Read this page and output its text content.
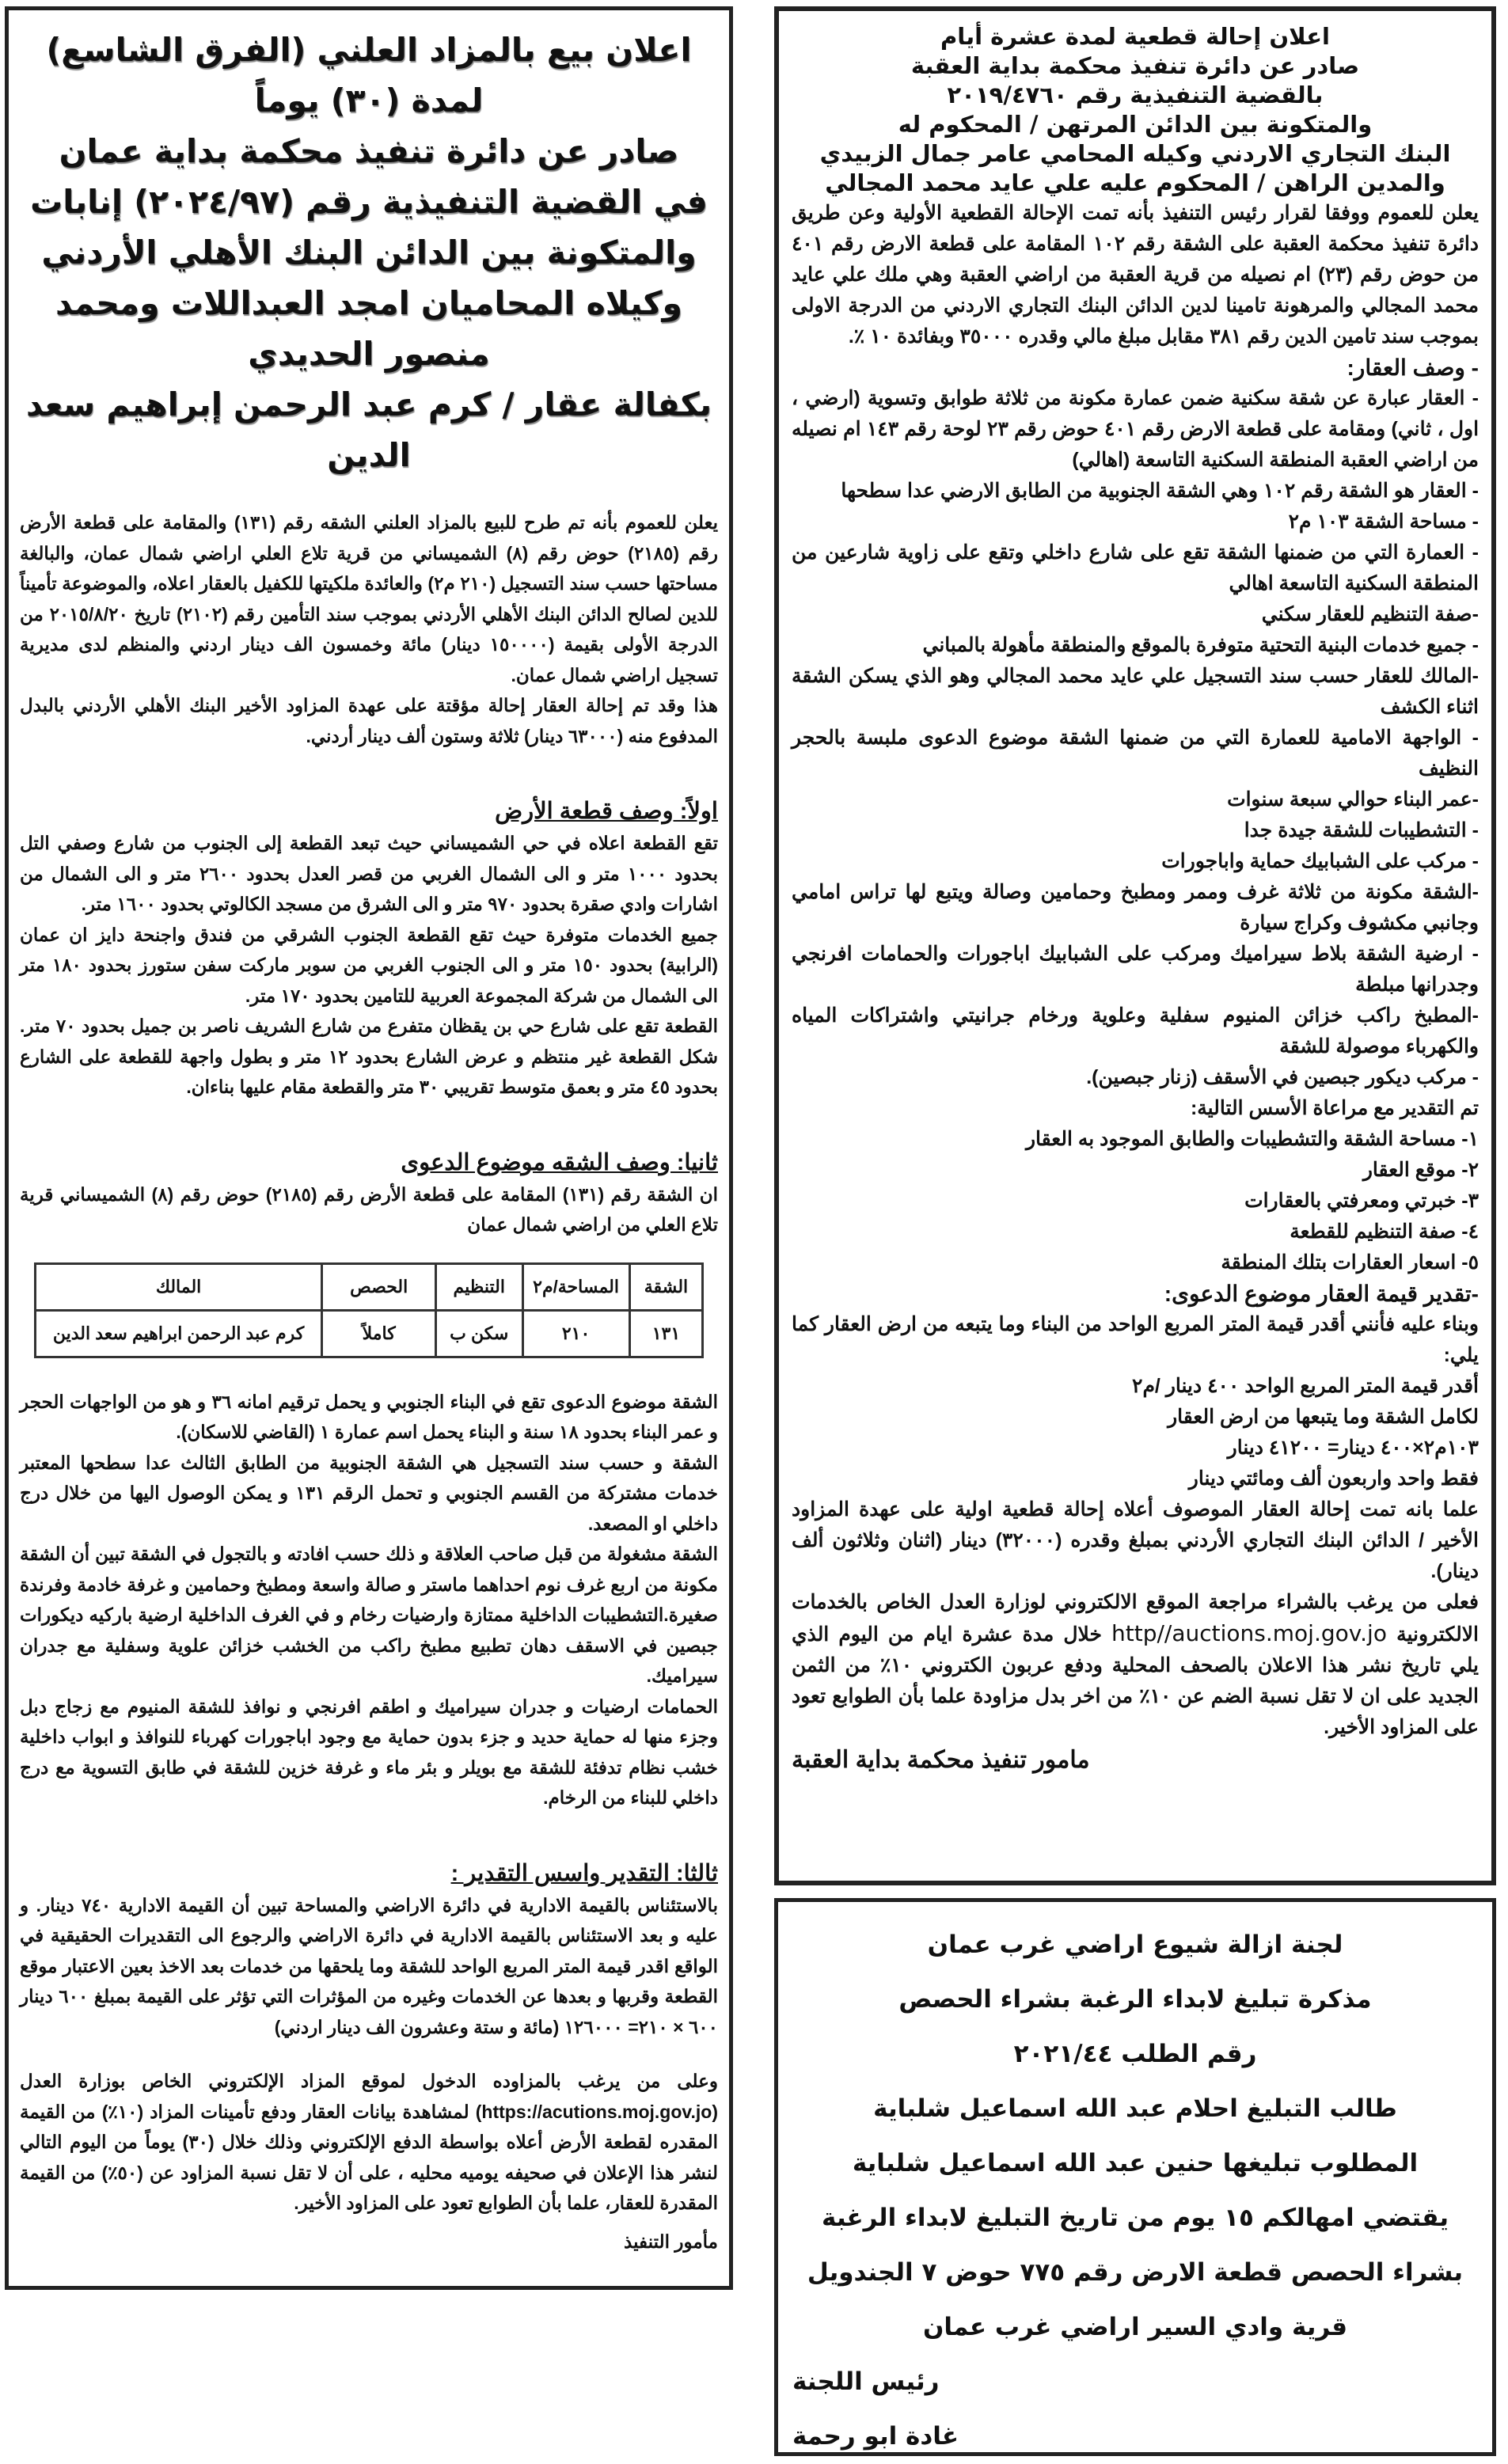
اعلان بيع بالمزاد العلني (الفرق الشاسع) لمدة (٣٠) يوماً
صادر عن دائرة تنفيذ محكمة بداية عمان
في القضية التنفيذية رقم (٢٠٢٤/٩٧) إنابات
والمتكونة بين الدائن البنك الأهلي الأردني
وكيلاه المحاميان امجد العبداللات ومحمد منصور الحديدي
بكفالة عقار / كرم عبد الرحمن إبراهيم سعد الدين

يعلن للعموم بأنه تم طرح للبيع بالمزاد العلني الشقه رقم (١٣١) والمقامة على قطعة الأرض رقم (٢١٨٥) حوض رقم (٨) الشميساني من قرية تلاع العلي اراضي شمال عمان، والبالغة مساحتها حسب سند التسجيل (٢١٠ م٢) والعائدة ملكيتها للكفيل بالعقار اعلاه، والموضوعة تأميناً للدين لصالح الدائن البنك الأهلي الأردني بموجب سند التأمين رقم (٢١٠٢) تاريخ ٢٠١٥/٨/٢٠ من الدرجة الأولى بقيمة (١٥٠٠٠٠ دينار) مائة وخمسون الف دينار اردني والمنظم لدى مديرية تسجيل اراضي شمال عمان.

هذا وقد تم إحالة العقار إحالة مؤقتة على عهدة المزاود الأخير البنك الأهلي الأردني بالبدل المدفوع منه (٦٣٠٠٠ دينار) ثلاثة وستون ألف دينار أردني.

اولاً: وصف قطعة الأرض

تقع القطعة اعلاه في حي الشميساني حيث تبعد القطعة إلى الجنوب من شارع وصفي التل بحدود ١٠٠٠ متر و الى الشمال الغربي من قصر العدل بحدود ٢٦٠٠ متر و الى الشمال من اشارات وادي صقرة بحدود ٩٧٠ متر و الى الشرق من مسجد الكالوتي بحدود ١٦٠٠ متر.

جميع الخدمات متوفرة حيث تقع القطعة الجنوب الشرقي من فندق واجنحة دايز ان عمان (الرابية) بحدود ١٥٠ متر و الى الجنوب الغربي من سوبر ماركت سفن ستورز بحدود ١٨٠ متر الى الشمال من شركة المجموعة العربية للتامين بحدود ١٧٠ متر.

القطعة تقع على شارع حي بن يقظان متفرع من شارع الشريف ناصر بن جميل بحدود ٧٠ متر. شكل القطعة غير منتظم و عرض الشارع بحدود ١٢ متر و بطول واجهة للقطعة على الشارع بحدود ٤٥ متر و بعمق متوسط تقريبي ٣٠ متر والقطعة مقام عليها بناءان.

ثانيا: وصف الشقه موضوع الدعوى

ان الشقة رقم (١٣١) المقامة على قطعة الأرض رقم (٢١٨٥) حوض رقم (٨) الشميساني قرية تلاع العلي من اراضي شمال عمان

الشقة	المساحة/م٢	التنظيم	الحصص	المالك
١٣١	٢١٠	سكن ب	كاملاً	كرم عبد الرحمن ابراهيم سعد الدين

الشقة موضوع الدعوى تقع في البناء الجنوبي و يحمل ترقيم امانه ٣٦ و هو من الواجهات الحجر و عمر البناء بحدود ١٨ سنة و البناء يحمل اسم عمارة ١ (القاضي للاسكان).

الشقة و حسب سند التسجيل هي الشقة الجنوبية من الطابق الثالث عدا سطحها المعتبر خدمات مشتركة من القسم الجنوبي و تحمل الرقم ١٣١ و يمكن الوصول اليها من خلال درج داخلي او المصعد.

الشقة مشغولة من قبل صاحب العلاقة و ذلك حسب افادته و بالتجول في الشقة تبين أن الشقة مكونة من اربع غرف نوم احداهما ماستر و صالة واسعة ومطبخ وحمامين و غرفة خادمة وفرندة صغيرة.التشطيبات الداخلية ممتازة وارضيات رخام و في الغرف الداخلية ارضية باركيه ديكورات جبصين في الاسقف دهان تطبيع مطبخ راكب من الخشب خزائن علوية وسفلية مع جدران سيراميك.

الحمامات ارضيات و جدران سيراميك و اطقم افرنجي و نوافذ للشقة المنيوم مع زجاج دبل وجزء منها له حماية حديد و جزء بدون حماية مع وجود اباجورات كهرباء للنوافذ و ابواب داخلية خشب نظام تدفئة للشقة مع بويلر و بئر ماء و غرفة خزين للشقة في طابق التسوية مع درج داخلي للبناء من الرخام.

ثالثا: التقدير واسس التقدير :

بالاستئناس بالقيمة الادارية في دائرة الاراضي والمساحة تبين أن القيمة الادارية ٧٤٠ دينار. و عليه و بعد الاستئناس بالقيمة الادارية في دائرة الاراضي والرجوع الى التقديرات الحقيقية في الواقع اقدر قيمة المتر المربع الواحد للشقة وما يلحقها من خدمات بعد الاخذ بعين الاعتبار موقع القطعة وقربها و بعدها عن الخدمات وغيره من المؤثرات التي تؤثر على القيمة بمبلغ ٦٠٠ دينار ٦٠٠ × ٢١٠= ١٢٦٠٠٠ (مائة و ستة وعشرون الف دينار اردني)

وعلى من يرغب بالمزاوده الدخول لموقع المزاد الإلكتروني الخاص بوزارة العدل (https://acutions.moj.gov.jo) لمشاهدة بيانات العقار ودفع تأمينات المزاد (١٠٪) من القيمة المقدره لقطعة الأرض أعلاه بواسطة الدفع الإلكتروني وذلك خلال (٣٠) يوماً من اليوم التالي لنشر هذا الإعلان في صحيفه يوميه محليه ، على أن لا تقل نسبة المزاود عن (٥٠٪) من القيمة المقدرة للعقار، علما بأن الطوابع تعود على المزاود الأخير.

مأمور التنفيذ

اعلان إحالة قطعية لمدة عشرة أيام
صادر عن دائرة تنفيذ محكمة بداية العقبة
بالقضية التنفيذية رقم ٢٠١٩/٤٧٦٠
والمتكونة بين الدائن المرتهن / المحكوم له
البنك التجاري الاردني وكيله المحامي عامر جمال الزبيدي
والمدين الراهن / المحكوم عليه علي عايد محمد المجالي

يعلن للعموم ووفقا لقرار رئيس التنفيذ بأنه تمت الإحالة القطعية الأولية وعن طريق دائرة تنفيذ محكمة العقبة على الشقة رقم ١٠٢ المقامة على قطعة الارض رقم ٤٠١ من حوض رقم (٢٣) ام نصيله من قرية العقبة من اراضي العقبة وهي ملك علي عايد محمد المجالي والمرهونة تامينا لدين الدائن البنك التجاري الاردني من الدرجة الاولى بموجب سند تامين الدين رقم ٣٨١ مقابل مبلغ مالي وقدره ٣٥٠٠٠ وبفائدة ١٠ ٪.

- وصف العقار:

- العقار عبارة عن شقة سكنية ضمن عمارة مكونة من ثلاثة طوابق وتسوية (ارضي ، اول ، ثاني) ومقامة على قطعة الارض رقم ٤٠١ حوض رقم ٢٣ لوحة رقم ١٤٣ ام نصيله من اراضي العقبة المنطقة السكنية التاسعة (اهالي)

- العقار هو الشقة رقم ١٠٢ وهي الشقة الجنوبية من الطابق الارضي عدا سطحها

- مساحة الشقة ١٠٣ م٢

- العمارة التي من ضمنها الشقة تقع على شارع داخلي وتقع على زاوية شارعين من المنطقة السكنية التاسعة اهالي

-صفة التنظيم للعقار سكني

- جميع خدمات البنية التحتية متوفرة بالموقع والمنطقة مأهولة بالمباني

-المالك للعقار حسب سند التسجيل علي عايد محمد المجالي وهو الذي يسكن الشقة اثناء الكشف

- الواجهة الامامية للعمارة التي من ضمنها الشقة موضوع الدعوى ملبسة بالحجر النظيف

-عمر البناء حوالي سبعة سنوات

- التشطيبات للشقة جيدة جدا

- مركب على الشبابيك حماية واباجورات

-الشقة مكونة من ثلاثة غرف وممر ومطبخ وحمامين وصالة ويتبع لها تراس امامي وجانبي مكشوف وكراج سيارة

- ارضية الشقة بلاط سيراميك ومركب على الشبابيك اباجورات والحمامات افرنجي وجدرانها مبلطة

-المطبخ راكب خزائن المنيوم سفلية وعلوية ورخام جرانيتي واشتراكات المياه والكهرباء موصولة للشقة

- مركب ديكور جبصين في الأسقف (زنار جبصين).

تم التقدير مع مراعاة الأسس التالية:

١- مساحة الشقة والتشطيبات والطابق الموجود به العقار

٢- موقع العقار

٣- خبرتي ومعرفتي بالعقارات

٤- صفة التنظيم للقطعة

٥- اسعار العقارات بتلك المنطقة

-تقدير قيمة العقار موضوع الدعوى:

وبناء عليه فأنني أقدر قيمة المتر المربع الواحد من البناء وما يتبعه من ارض العقار كما يلي:

أقدر قيمة المتر المربع الواحد ٤٠٠ دينار /م٢

لكامل الشقة وما يتبعها من ارض العقار

١٠٣م٢×٤٠٠ دينار= ٤١٢٠٠ دينار

فقط واحد واربعون ألف ومائتي دينار

علما بانه تمت إحالة العقار الموصوف أعلاه إحالة قطعية اولية على عهدة المزاود الأخير / الدائن البنك التجاري الأردني بمبلغ وقدره (٣٢٠٠٠) دينار (اثنان وثلاثون ألف دينار).

فعلى من يرغب بالشراء مراجعة الموقع الالكتروني لوزارة العدل الخاص بالخدمات الالكترونية http//auctions.moj.gov.jo خلال مدة عشرة ايام من اليوم الذي يلي تاريخ نشر هذا الاعلان بالصحف المحلية ودفع عربون الكتروني ١٠٪ من الثمن الجديد على ان لا تقل نسبة الضم عن ١٠٪ من اخر بدل مزاودة علما بأن الطوابع تعود على المزاود الأخير.

مامور تنفيذ محكمة بداية العقبة
لجنة ازالة شيوع اراضي غرب عمان
مذكرة تبليغ لابداء الرغبة بشراء الحصص
رقم الطلب ٢٠٢١/٤٤
طالب التبليغ احلام عبد الله اسماعيل شلباية
المطلوب تبليغها حنين عبد الله اسماعيل شلباية
يقتضي امهالكم ١٥ يوم من تاريخ التبليغ لابداء الرغبة
بشراء الحصص قطعة الارض رقم ٧٧٥ حوض ٧ الجندويل
قرية وادي السير اراضي غرب عمان
رئيس اللجنة
غادة ابو رحمة
